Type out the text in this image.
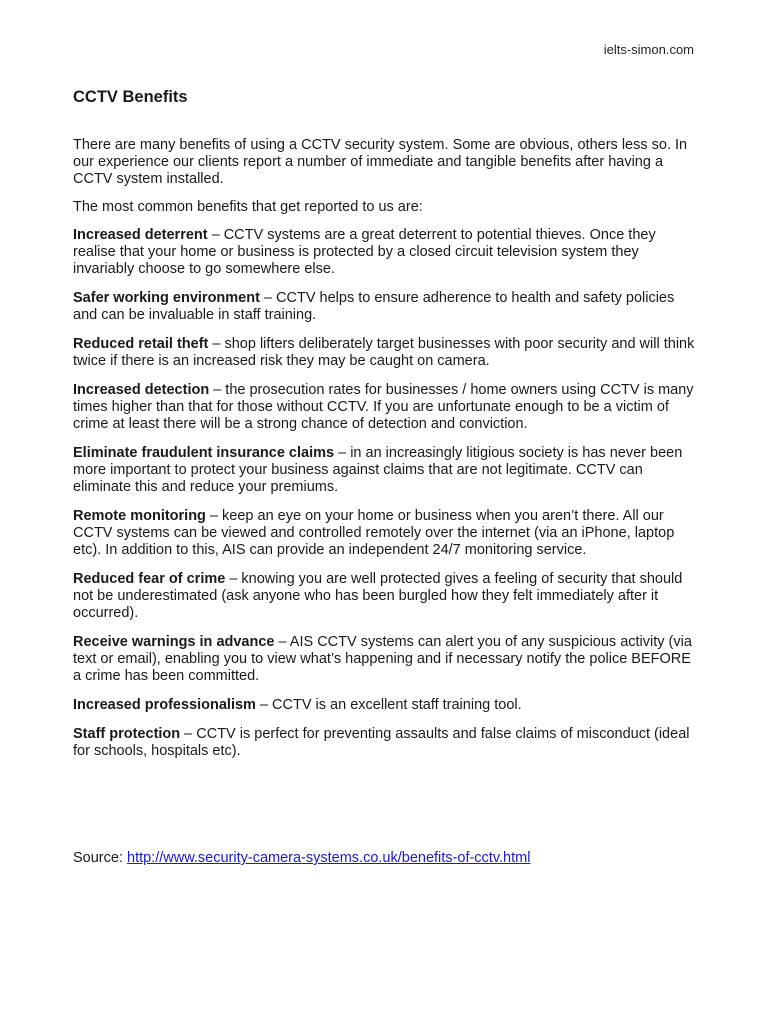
ielts-simon.com
CCTV Benefits

There are many benefits of using a CCTV security system. Some are obvious, others less so. In our experience our clients report a number of immediate and tangible benefits after having a CCTV system installed.

The most common benefits that get reported to us are:

Increased deterrent – CCTV systems are a great deterrent to potential thieves. Once they realise that your home or business is protected by a closed circuit television system they invariably choose to go somewhere else.

Safer working environment – CCTV helps to ensure adherence to health and safety policies and can be invaluable in staff training.

Reduced retail theft – shop lifters deliberately target businesses with poor security and will think twice if there is an increased risk they may be caught on camera.

Increased detection – the prosecution rates for businesses / home owners using CCTV is many times higher than that for those without CCTV. If you are unfortunate enough to be a victim of crime at least there will be a strong chance of detection and conviction.

Eliminate fraudulent insurance claims – in an increasingly litigious society is has never been more important to protect your business against claims that are not legitimate. CCTV can eliminate this and reduce your premiums.

Remote monitoring – keep an eye on your home or business when you aren’t there. All our CCTV systems can be viewed and controlled remotely over the internet (via an iPhone, laptop etc). In addition to this, AIS can provide an independent 24/7 monitoring service.

Reduced fear of crime – knowing you are well protected gives a feeling of security that should not be underestimated (ask anyone who has been burgled how they felt immediately after it occurred).

Receive warnings in advance – AIS CCTV systems can alert you of any suspicious activity (via text or email), enabling you to view what’s happening and if necessary notify the police BEFORE a crime has been committed.

Increased professionalism – CCTV is an excellent staff training tool.

Staff protection – CCTV is perfect for preventing assaults and false claims of misconduct (ideal for schools, hospitals etc).

Source: http://www.security-camera-systems.co.uk/benefits-of-cctv.html
